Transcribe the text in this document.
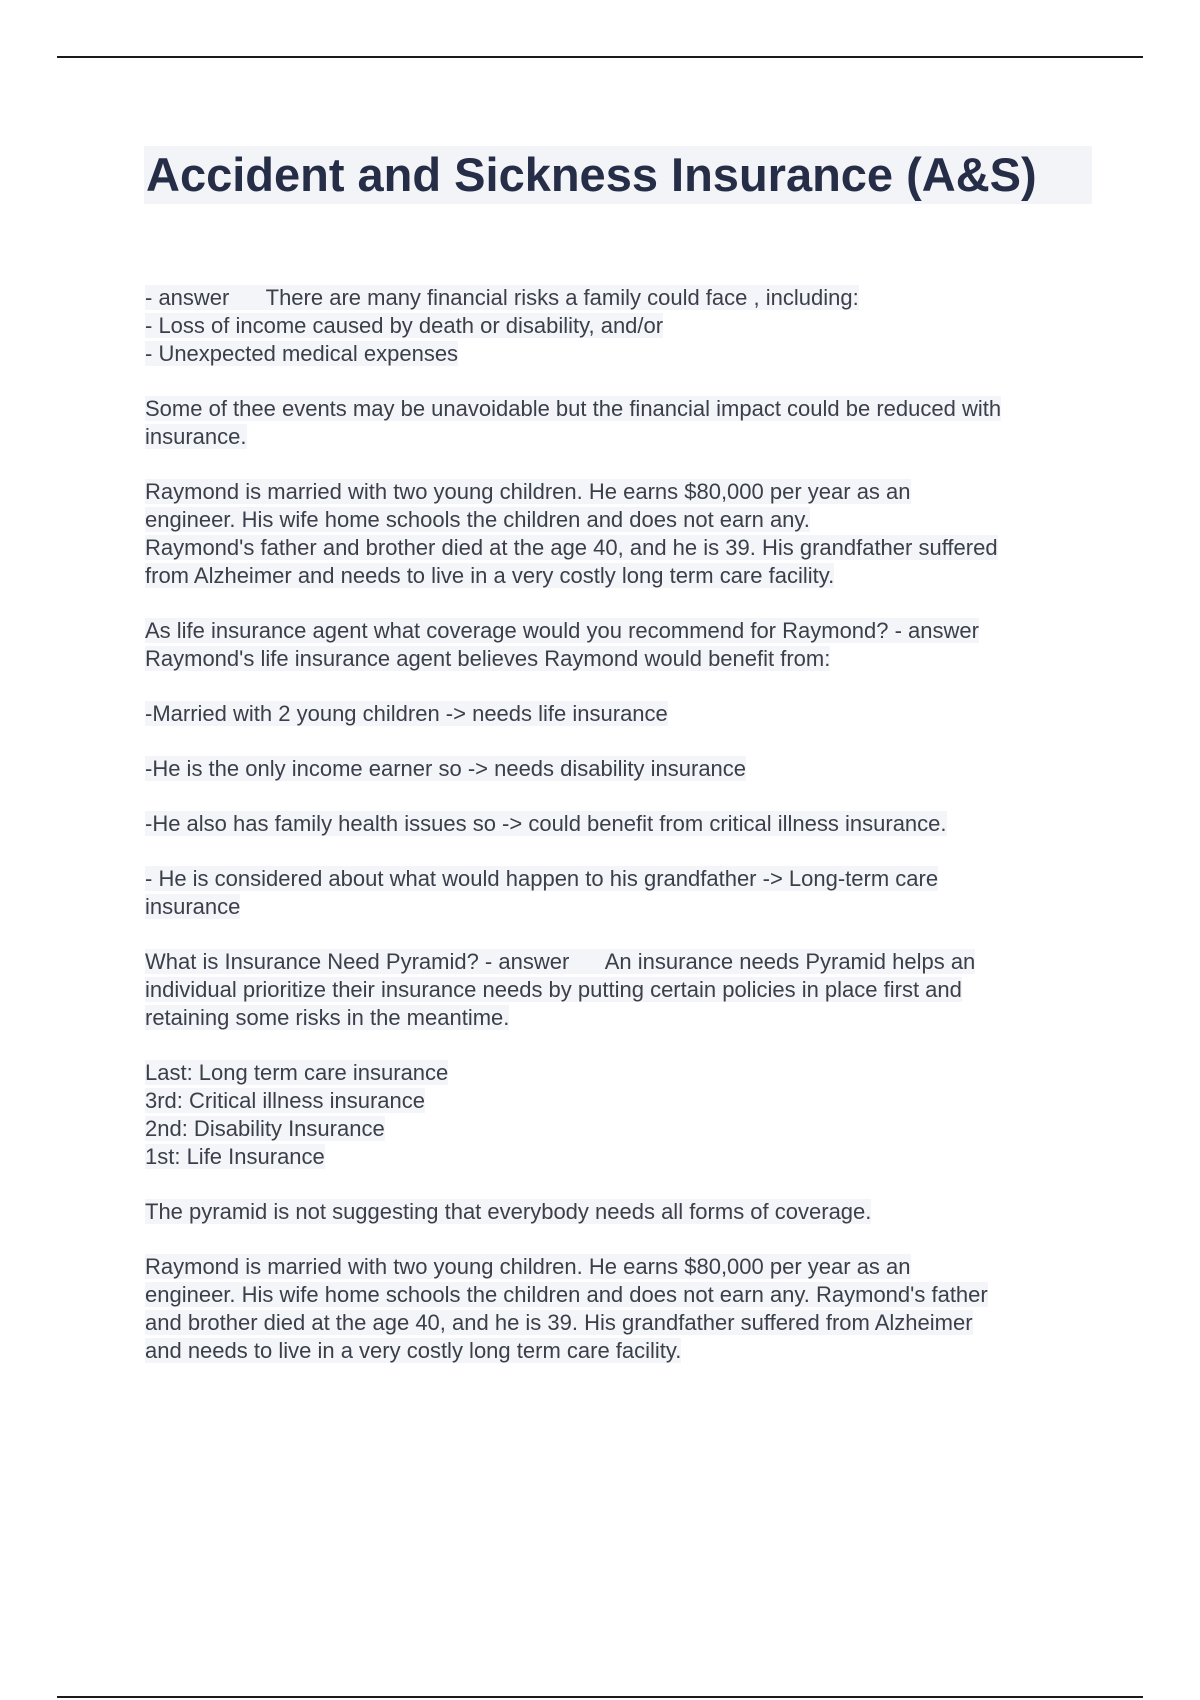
Accident and Sickness Insurance (A&S)

- answer      There are many financial risks a family could face , including:
- Loss of income caused by death or disability, and/or
- Unexpected medical expenses

Some of thee events may be unavoidable but the financial impact could be reduced with
insurance.

Raymond is married with two young children. He earns $80,000 per year as an
engineer. His wife home schools the children and does not earn any.
Raymond's father and brother died at the age 40, and he is 39. His grandfather suffered
from Alzheimer and needs to live in a very costly long term care facility.

As life insurance agent what coverage would you recommend for Raymond? - answer
Raymond's life insurance agent believes Raymond would benefit from:

-Married with 2 young children -> needs life insurance

-He is the only income earner so -> needs disability insurance

-He also has family health issues so -> could benefit from critical illness insurance.

- He is considered about what would happen to his grandfather -> Long-term care
insurance

What is Insurance Need Pyramid? - answer      An insurance needs Pyramid helps an
individual prioritize their insurance needs by putting certain policies in place first and
retaining some risks in the meantime.

Last: Long term care insurance
3rd: Critical illness insurance
2nd: Disability Insurance
1st: Life Insurance

The pyramid is not suggesting that everybody needs all forms of coverage.

Raymond is married with two young children. He earns $80,000 per year as an
engineer. His wife home schools the children and does not earn any. Raymond's father
and brother died at the age 40, and he is 39. His grandfather suffered from Alzheimer
and needs to live in a very costly long term care facility.
